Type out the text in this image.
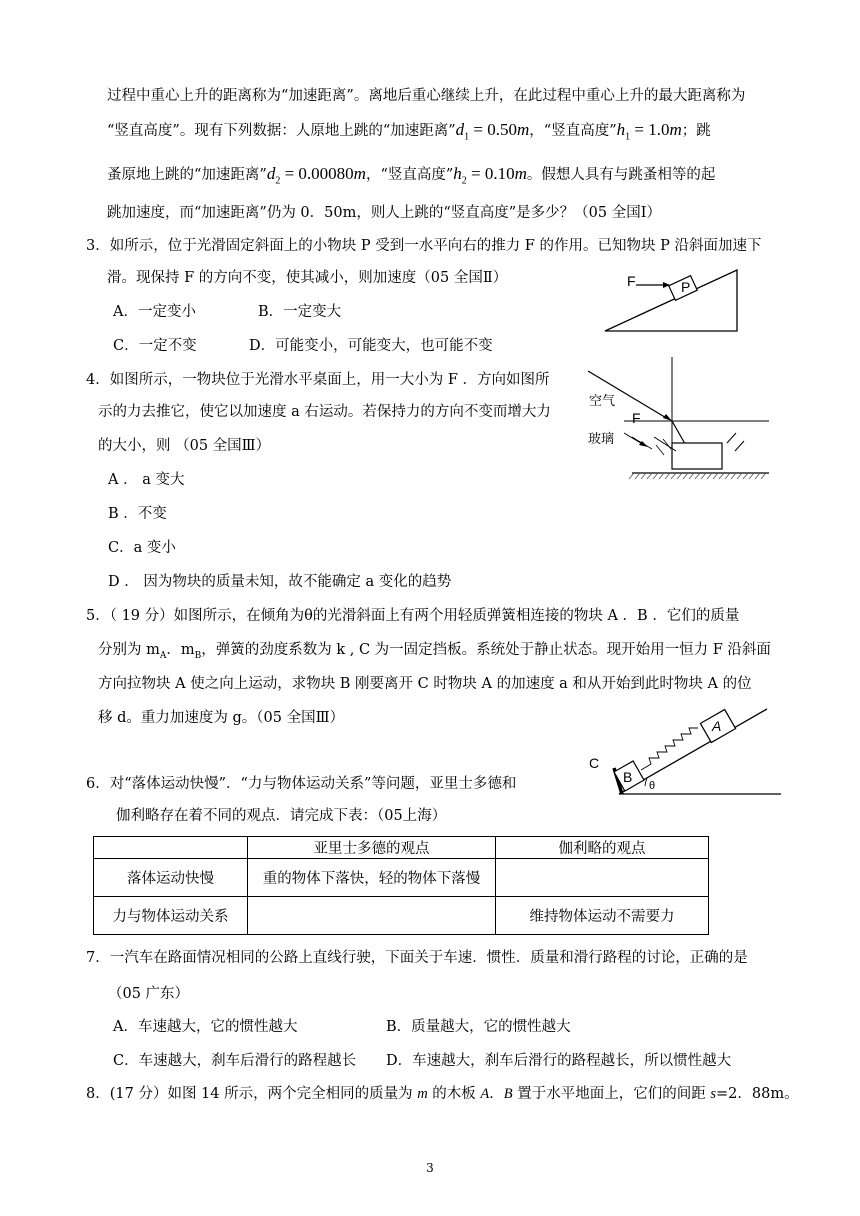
过程中重心上升的距离称为“加速距离”。离地后重心继续上升，在此过程中重心上升的最大距离称为
“竖直高度”。现有下列数据：人原地上跳的“加速距离$”d_1 = 0.50m$，“竖直高度$”h_1 = 1.0m$；跳
蚤原地上跳的“加速距离$”d_2 = 0.00080m$，“竖直高度$”h_2 = 0.10m$。假想人具有与跳蚤相等的起
跳加速度，而“加速距离”仍为 0．50m，则人上跳的“竖直高度”是多少？（05 全国Ⅰ）
3．如所示，位于光滑固定斜面上的小物块 P 受到一水平向右的推力 F 的作用。已知物块 P 沿斜面加速下
滑。现保持 F 的方向不变，使其减小，则加速度（05 全国Ⅱ）
A．一定变小	B．一定变大
C．一定不变	D．可能变小，可能变大，也可能不变
P
F
4．如图所示，一物块位于光滑水平桌面上，用一大小为 F ．方向如图所
示的力去推它，使它以加速度 a 右运动。若保持力的方向不变而增大力
的大小，则 （05 全国Ⅲ）
A ． a 变大
B ．不变
C．a 变小
D ． 因为物块的质量未知，故不能确定 a 变化的趋势
空气
玻璃
F
5．（ 19 分）如图所示，在倾角为θ的光滑斜面上有两个用轻质弹簧相连接的物块 A ．B ．它们的质量
分别为 $m_A$．$m_B$，弹簧的劲度系数为 k , C 为一固定挡板。系统处于静止状态。现开始用一恒力 F 沿斜面
方向拉物块 A 使之向上运动，求物块 B 刚要离开 C 时物块 A 的加速度 a 和从开始到此时物块 A 的位
移 d。重力加速度为 g。（05 全国Ⅲ）
θ
B
A
C
6．对“落体运动快慢”．“力与物体运动关系”等问题，亚里士多德和
伽利略存在着不同的观点．请完成下表：（05上海）
	亚里士多德的观点	伽利略的观点
落体运动快慢	重的物体下落快，轻的物体下落慢	
力与物体运动关系		维持物体运动不需要力
7．一汽车在路面情况相同的公路上直线行驶，下面关于车速．惯性．质量和滑行路程的讨论，正确的是
（05 广东）
A．车速越大，它的惯性越大	B．质量越大，它的惯性越大
C．车速越大，刹车后滑行的路程越长 D．车速越大，刹车后滑行的路程越长，所以惯性越大
8．(17 分）如图 14 所示，两个完全相同的质量为 m 的木板 A．B 置于水平地面上，它们的间距 s=2．88m。
3
